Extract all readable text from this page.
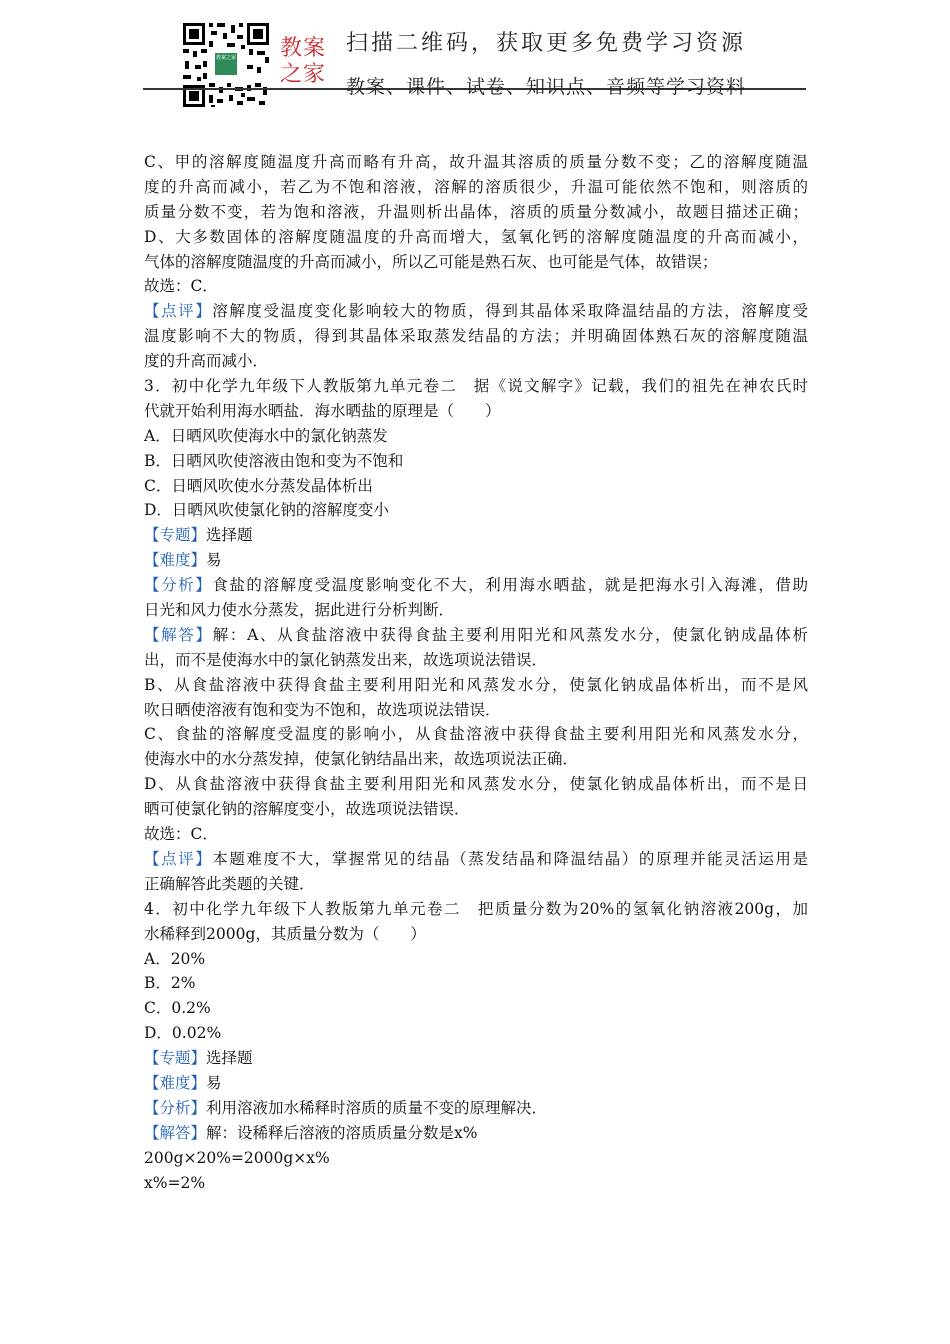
教案之家 教案
之家
扫描二维码，获取更多免费学习资源
教案、课件、试卷、知识点、音频等学习资料
C、甲的溶解度随温度升高而略有升高，故升温其溶质的质量分数不变；乙的溶解度随温
度的升高而减小，若乙为不饱和溶液，溶解的溶质很少，升温可能依然不饱和，则溶质的
质量分数不变，若为饱和溶液，升温则析出晶体，溶质的质量分数减小，故题目描述正确；
D、大多数固体的溶解度随温度的升高而增大，氢氧化钙的溶解度随温度的升高而减小，
气体的溶解度随温度的升高而减小，所以乙可能是熟石灰、也可能是气体，故错误；
故选：C．
【点评】溶解度受温度变化影响较大的物质，得到其晶体采取降温结晶的方法，溶解度受
温度影响不大的物质，得到其晶体采取蒸发结晶的方法；并明确固体熟石灰的溶解度随温
度的升高而减小．
3．初中化学九年级下人教版第九单元卷二　据《说文解字》记载，我们的祖先在神农氏时
代就开始利用海水晒盐．海水晒盐的原理是（　　）
A．日晒风吹使海水中的氯化钠蒸发
B．日晒风吹使溶液由饱和变为不饱和
C．日晒风吹使水分蒸发晶体析出
D．日晒风吹使氯化钠的溶解度变小
【专题】选择题
【难度】易
【分析】食盐的溶解度受温度影响变化不大，利用海水晒盐，就是把海水引入海滩，借助
日光和风力使水分蒸发，据此进行分析判断．
【解答】解：A、从食盐溶液中获得食盐主要利用阳光和风蒸发水分，使氯化钠成晶体析
出，而不是使海水中的氯化钠蒸发出来，故选项说法错误．
B、从食盐溶液中获得食盐主要利用阳光和风蒸发水分，使氯化钠成晶体析出，而不是风
吹日晒使溶液有饱和变为不饱和，故选项说法错误．
C、食盐的溶解度受温度的影响小，从食盐溶液中获得食盐主要利用阳光和风蒸发水分，
使海水中的水分蒸发掉，使氯化钠结晶出来，故选项说法正确．
D、从食盐溶液中获得食盐主要利用阳光和风蒸发水分，使氯化钠成晶体析出，而不是日
晒可使氯化钠的溶解度变小，故选项说法错误．
故选：C．
【点评】本题难度不大，掌握常见的结晶（蒸发结晶和降温结晶）的原理并能灵活运用是
正确解答此类题的关键．
4．初中化学九年级下人教版第九单元卷二　把质量分数为20%的氢氧化钠溶液200g，加
水稀释到2000g，其质量分数为（　　）
A．20%
B．2%
C．0.2%
D．0.02%
【专题】选择题
【难度】易
【分析】利用溶液加水稀释时溶质的质量不变的原理解决．
【解答】解：设稀释后溶液的溶质质量分数是x%
200g×20%=2000g×x%
x%=2%
